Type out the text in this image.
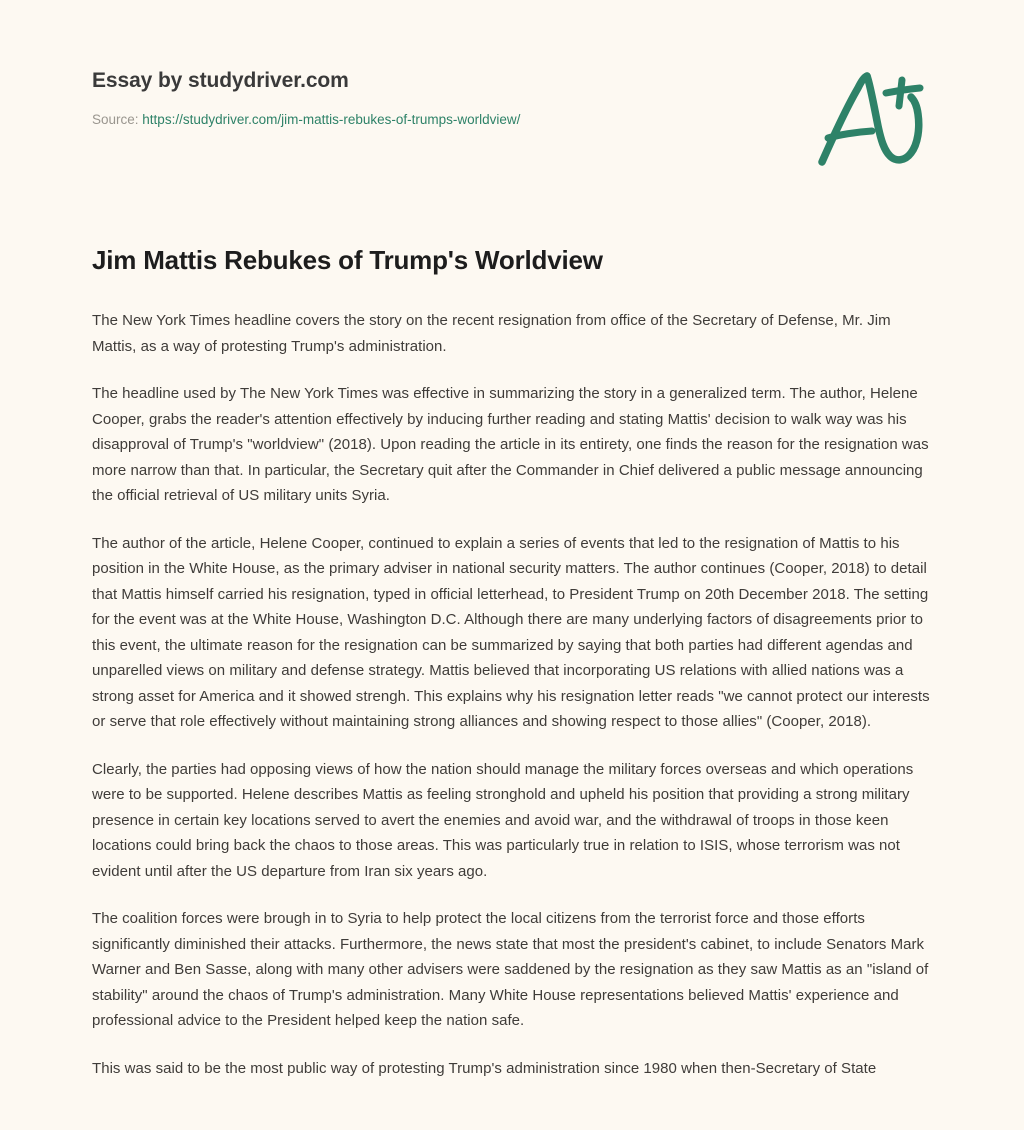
Essay by studydriver.com
Source: https://studydriver.com/jim-mattis-rebukes-of-trumps-worldview/
Jim Mattis Rebukes of Trump's Worldview

The New York Times headline covers the story on the recent resignation from office of the Secretary of Defense, Mr. Jim Mattis, as a way of protesting Trump's administration.

The headline used by The New York Times was effective in summarizing the story in a generalized term. The author, Helene Cooper, grabs the reader's attention effectively by inducing further reading and stating Mattis' decision to walk way was his disapproval of Trump's "worldview" (2018). Upon reading the article in its entirety, one finds the reason for the resignation was more narrow than that. In particular, the Secretary quit after the Commander in Chief delivered a public message announcing the official retrieval of US military units Syria.

The author of the article, Helene Cooper, continued to explain a series of events that led to the resignation of Mattis to his position in the White House, as the primary adviser in national security matters. The author continues (Cooper, 2018) to detail that Mattis himself carried his resignation, typed in official letterhead, to President Trump on 20th December 2018. The setting for the event was at the White House, Washington D.C. Although there are many underlying factors of disagreements prior to this event, the ultimate reason for the resignation can be summarized by saying that both parties had different agendas and unparelled views on military and defense strategy. Mattis believed that incorporating US relations with allied nations was a strong asset for America and it showed strengh. This explains why his resignation letter reads "we cannot protect our interests or serve that role effectively without maintaining strong alliances and showing respect to those allies" (Cooper, 2018).

Clearly, the parties had opposing views of how the nation should manage the military forces overseas and which operations were to be supported. Helene describes Mattis as feeling stronghold and upheld his position that providing a strong military presence in certain key locations served to avert the enemies and avoid war, and the withdrawal of troops in those keen locations could bring back the chaos to those areas. This was particularly true in relation to ISIS, whose terrorism was not evident until after the US departure from Iran six years ago.

The coalition forces were brough in to Syria to help protect the local citizens from the terrorist force and those efforts significantly diminished their attacks. Furthermore, the news state that most the president's cabinet, to include Senators Mark Warner and Ben Sasse, along with many other advisers were saddened by the resignation as they saw Mattis as an "island of stability" around the chaos of Trump's administration. Many White House representations believed Mattis' experience and professional advice to the President helped keep the nation safe.

This was said to be the most public way of protesting Trump's administration since 1980 when then-Secretary of State
